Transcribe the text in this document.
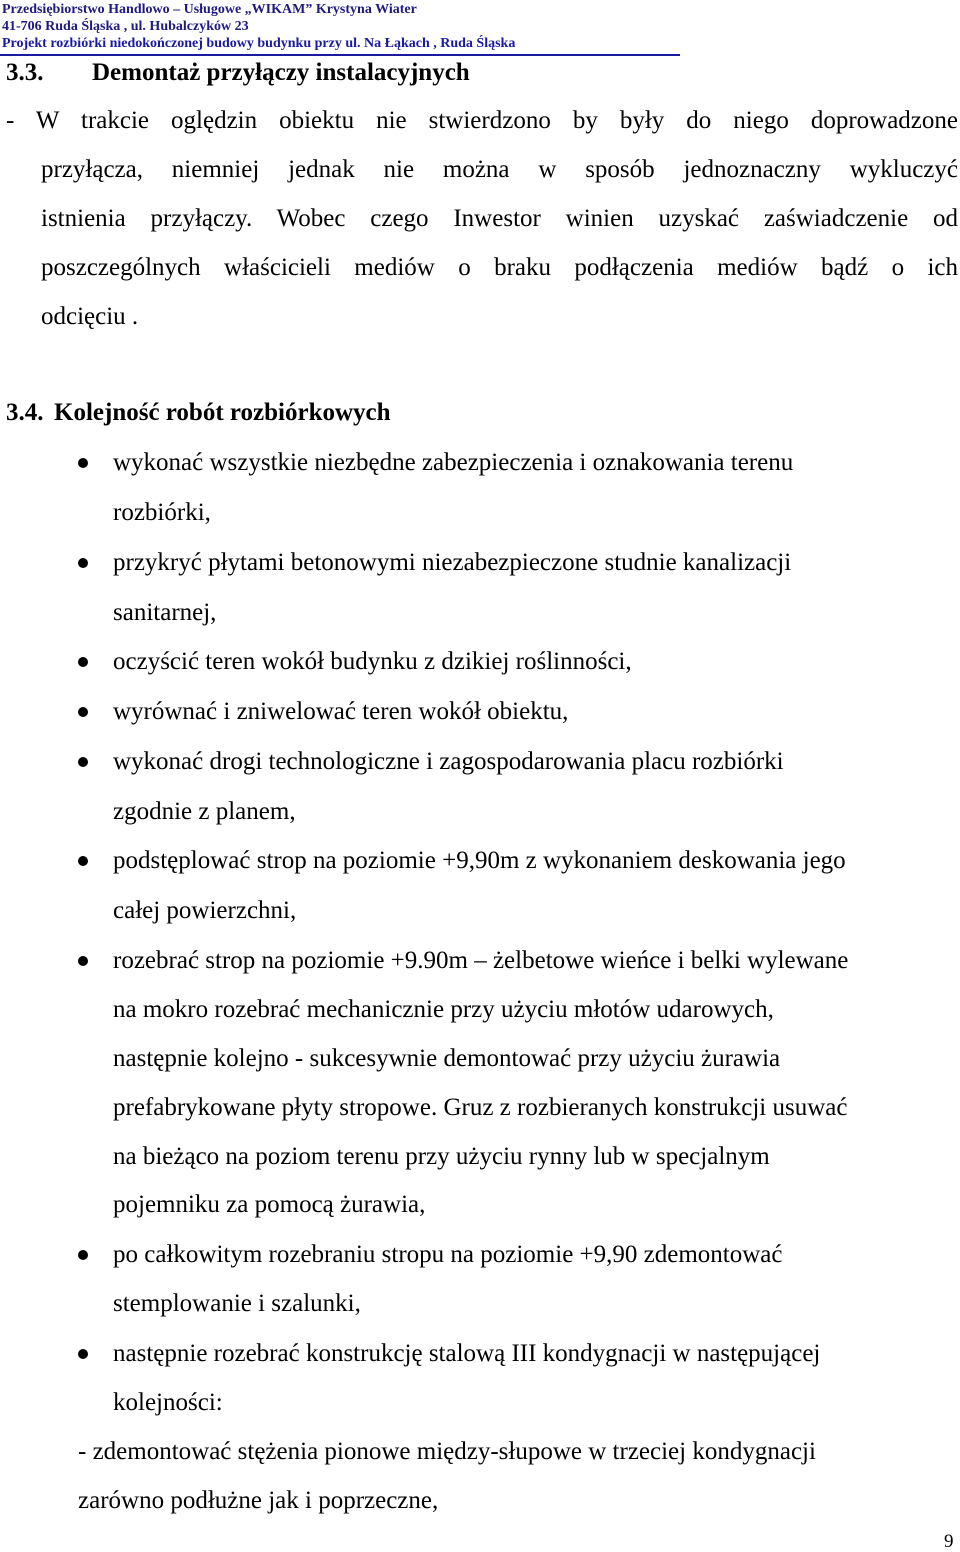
Przedsiębiorstwo Handlowo – Usługowe „WIKAM” Krystyna Wiater
41-706 Ruda Śląska , ul. Hubalczyków 23
Projekt rozbiórki niedokończonej budowy budynku przy ul. Na Łąkach , Ruda Śląska
3.3. Demontaż przyłączy instalacyjnych
- W trakcie oględzin obiektu nie stwierdzono by były do niego doprowadzone
przyłącza, niemniej jednak nie można w sposób jednoznaczny wykluczyć
istnienia przyłączy. Wobec czego Inwestor winien uzyskać zaświadczenie od
poszczególnych właścicieli mediów o braku podłączenia mediów bądź o ich
odcięciu .
3.4. Kolejność robót rozbiórkowych
wykonać wszystkie niezbędne zabezpieczenia i oznakowania terenu
rozbiórki,
przykryć płytami betonowymi niezabezpieczone studnie kanalizacji
sanitarnej,
oczyścić teren wokół budynku z dzikiej roślinności,
wyrównać i zniwelować teren wokół obiektu,
wykonać drogi technologiczne i zagospodarowania placu rozbiórki
zgodnie z planem,
podstęplować strop na poziomie +9,90m z wykonaniem deskowania jego
całej powierzchni,
rozebrać strop na poziomie +9.90m – żelbetowe wieńce i belki wylewane
na mokro rozebrać mechanicznie przy użyciu młotów udarowych,
następnie kolejno - sukcesywnie demontować przy użyciu żurawia
prefabrykowane płyty stropowe. Gruz z rozbieranych konstrukcji usuwać
na bieżąco na poziom terenu przy użyciu rynny lub w specjalnym
pojemniku za pomocą żurawia,
po całkowitym rozebraniu stropu na poziomie +9,90 zdemontować
stemplowanie i szalunki,
następnie rozebrać konstrukcję stalową III kondygnacji w następującej
kolejności:
- zdemontować stężenia pionowe między-słupowe w trzeciej kondygnacji
zarówno podłużne jak i poprzeczne,
9
